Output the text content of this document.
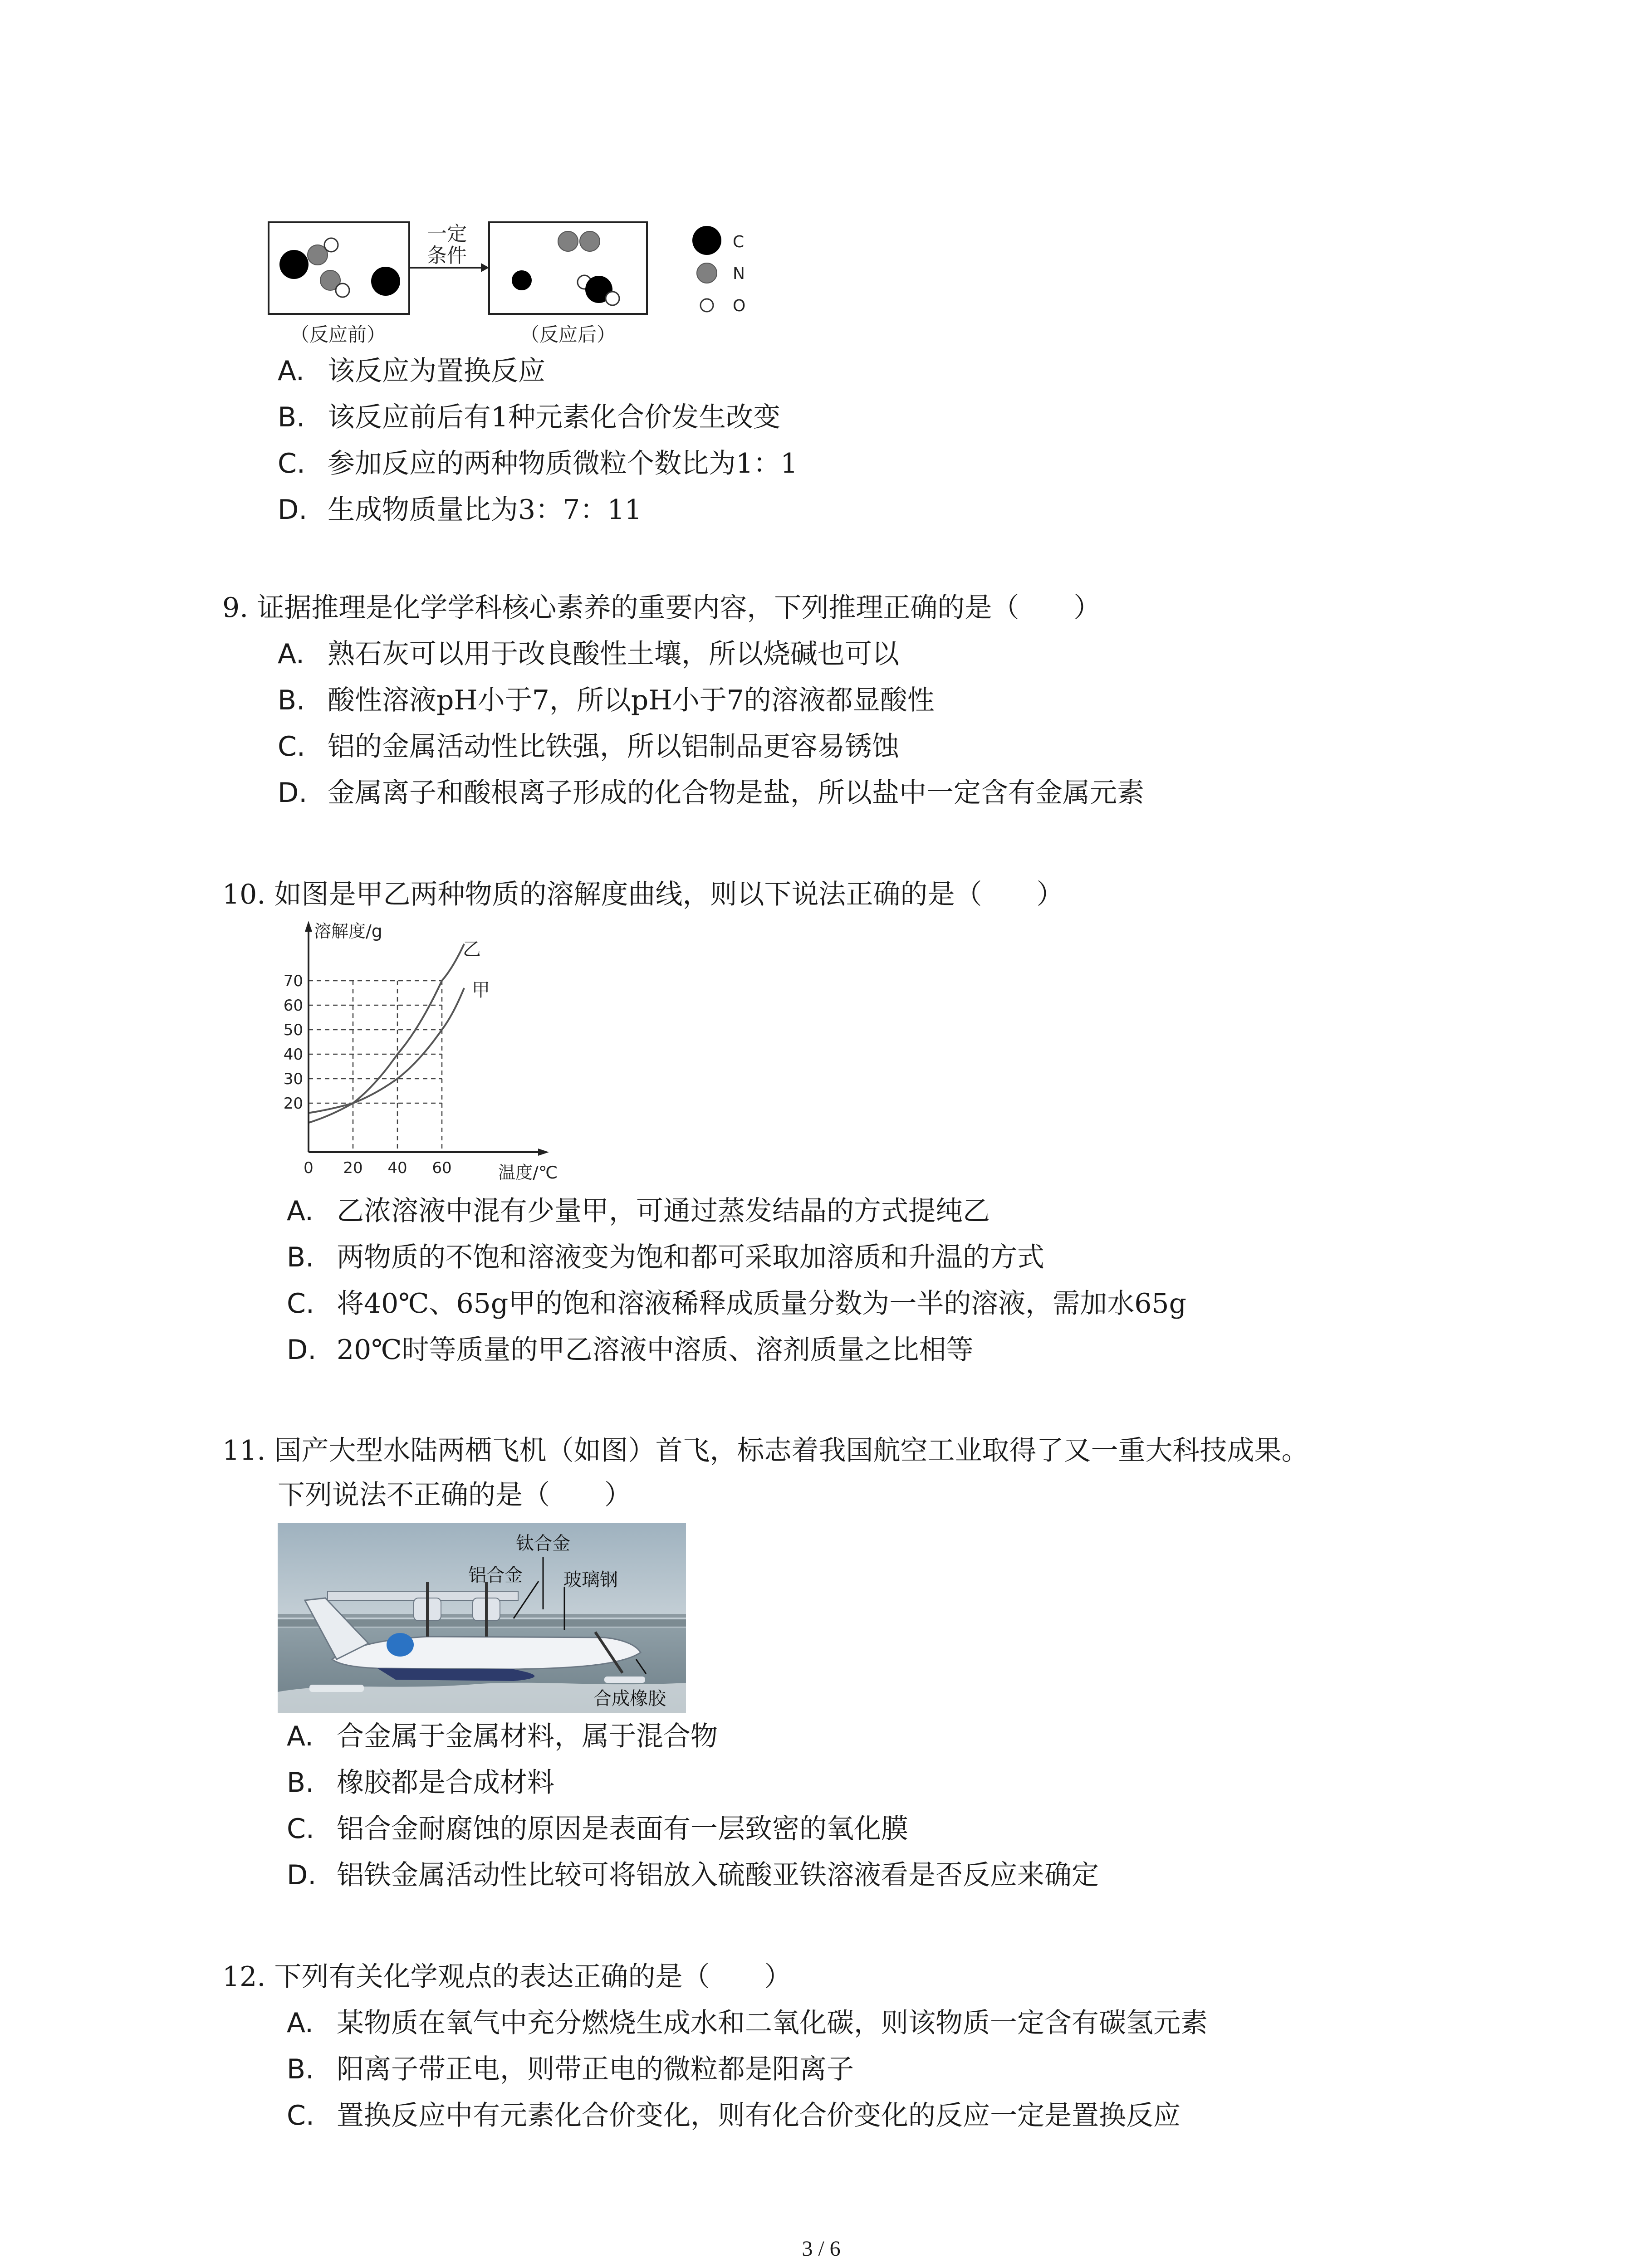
一定
条件
（反应前）	（反应后）
C
N
O
A. 该反应为置换反应
B. 该反应前后有1种元素化合价发生改变
C. 参加反应的两种物质微粒个数比为1：1
D. 生成物质量比为3：7：11
9. 证据推理是化学学科核心素养的重要内容，下列推理正确的是（　　）
A. 熟石灰可以用于改良酸性土壤，所以烧碱也可以
B. 酸性溶液pH小于7，所以pH小于7的溶液都显酸性
C. 铝的金属活动性比铁强，所以铝制品更容易锈蚀
D. 金属离子和酸根离子形成的化合物是盐，所以盐中一定含有金属元素
10. 如图是甲乙两种物质的溶解度曲线，则以下说法正确的是（　　）
20
30
40
50
60
70
0 20 40 60
溶解度/g
温度/℃
乙
甲
A. 乙浓溶液中混有少量甲，可通过蒸发结晶的方式提纯乙
B. 两物质的不饱和溶液变为饱和都可采取加溶质和升温的方式
C. 将40℃、65g甲的饱和溶液稀释成质量分数为一半的溶液，需加水65g
D. 20℃时等质量的甲乙溶液中溶质、溶剂质量之比相等
11. 国产大型水陆两栖飞机（如图）首飞，标志着我国航空工业取得了又一重大科技成果。
下列说法不正确的是（　　）
钛合金
铝合金 玻璃钢
合成橡胶
A. 合金属于金属材料，属于混合物
B. 橡胶都是合成材料
C. 铝合金耐腐蚀的原因是表面有一层致密的氧化膜
D. 铝铁金属活动性比较可将铝放入硫酸亚铁溶液看是否反应来确定
12. 下列有关化学观点的表达正确的是（　　）
A. 某物质在氧气中充分燃烧生成水和二氧化碳，则该物质一定含有碳氢元素
B. 阳离子带正电，则带正电的微粒都是阳离子
C. 置换反应中有元素化合价变化，则有化合价变化的反应一定是置换反应
3 / 6
